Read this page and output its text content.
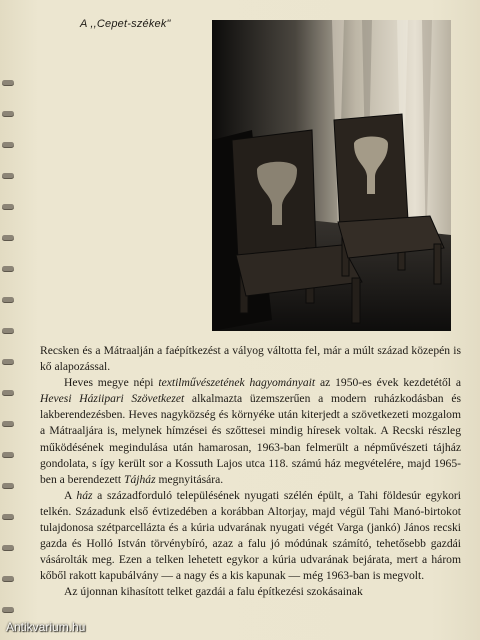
A ,,Cepet-székek"

Recsken és a Mátraalján a faépítkezést a vályog váltotta fel, már a múlt század közepén is kő alapozással.

Heves megye népi textilművészetének hagyományait az 1950-es évek kezdetétől a Hevesi Háziipari Szövetkezet alkalmazta üzemszerűen a modern ruházkodásban és lakberendezésben. Heves nagyközség és környéke után kiterjedt a szövetkezeti mozgalom a Mátraaljára is, melynek hímzései és szőttesei mindig híresek voltak. A Recski részleg működésének megindulása után hamarosan, 1963-ban felmerült a népművészeti tájház gondolata, s így került sor a Kossuth Lajos utca 118. számú ház megvételére, majd 1965-ben a berendezett Tájház megnyitására.

A ház a századforduló településének nyugati szélén épült, a Tahi földesúr egykori telkén. Századunk első évtizedében a korábban Altorjay, majd végül Tahi Manó-birtokot tulajdonosa szétparcellázta és a kúria udvarának nyugati végét Varga (jankó) János recski gazda és Holló István törvénybíró, azaz a falu jó módúnak számító, tehetősebb gazdái vásárolták meg. Ezen a telken lehetett egykor a kúria udvarának bejárata, mert a három kőből rakott kapubálvány — a nagy és a kis kapunak — még 1963-ban is megvolt.

Az újonnan kihasított telket gazdái a falu építkezési szokásainak

Antikvarium.hu
